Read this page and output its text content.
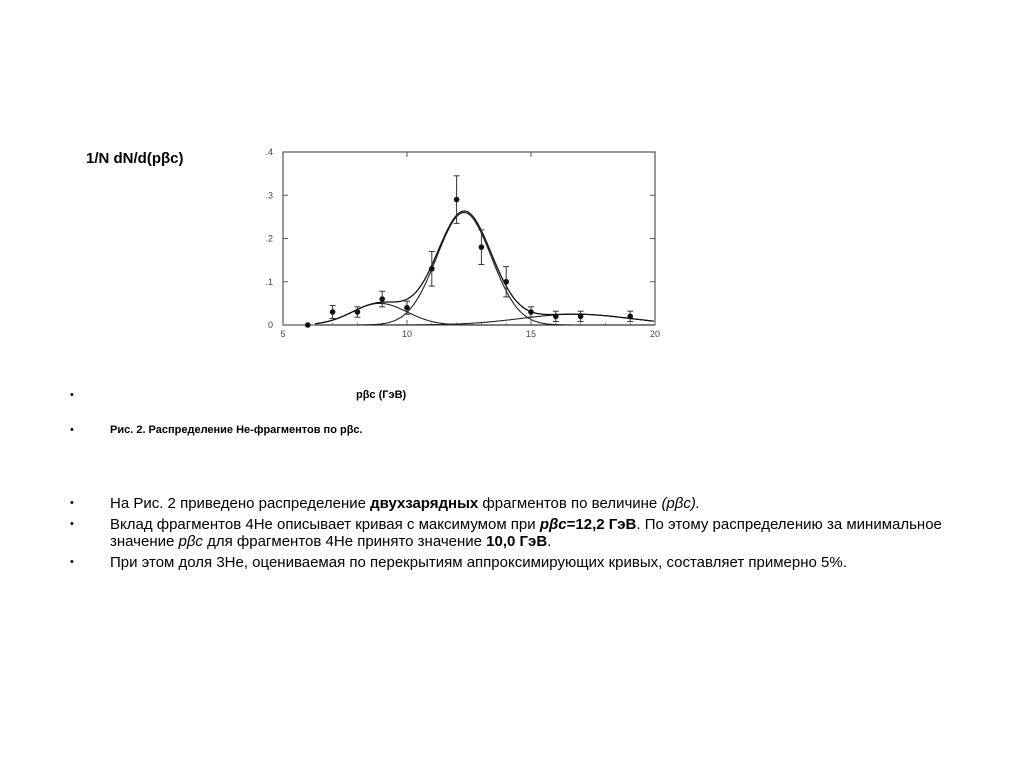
1/N dN/d(pβc)
5	10	15	20
0
.1
.2
.3
.4
•	pβc (ГэВ)
•	Рис. 2. Распределение He-фрагментов по pβc.
• На Рис. 2 приведено распределение двухзарядных фрагментов по величине (pβc).
• Вклад фрагментов 4He описывает кривая с максимумом при pβc=12,2 ГэВ. По этому распределению за минимальное значение pβc для фрагментов 4He принято значение 10,0 ГэВ.
• При этом доля 3He, оцениваемая по перекрытиям аппроксимирующих кривых, составляет примерно 5%.
